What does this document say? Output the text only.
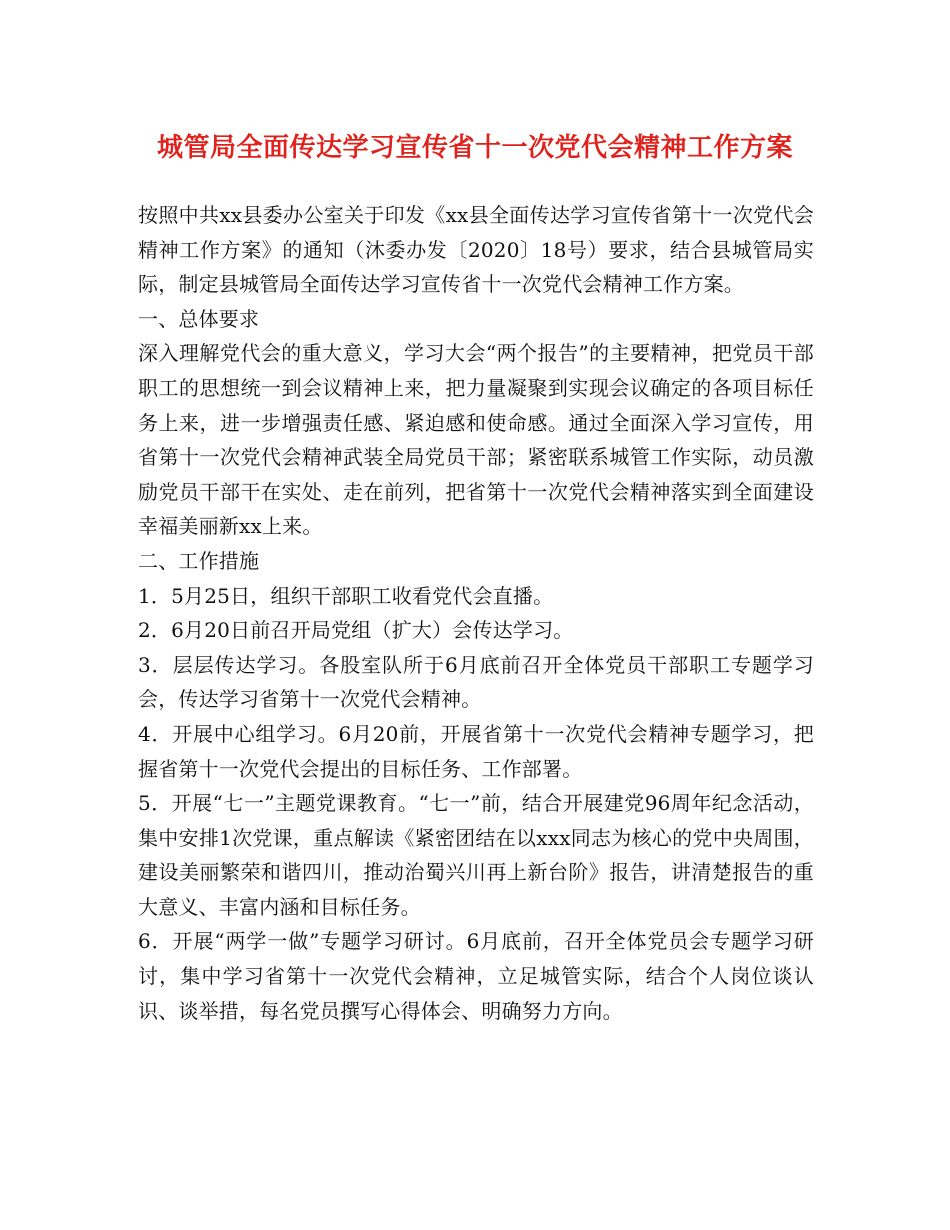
城管局全面传达学习宣传省十一次党代会精神工作方案

按照中共xx县委办公室关于印发《xx县全面传达学习宣传省第十一次党代会精神工作方案》的通知（沐委办发〔2020〕18号）要求，结合县城管局实际，制定县城管局全面传达学习宣传省十一次党代会精神工作方案。

一、总体要求

深入理解党代会的重大意义，学习大会“两个报告”的主要精神，把党员干部职工的思想统一到会议精神上来，把力量凝聚到实现会议确定的各项目标任务上来，进一步增强责任感、紧迫感和使命感。通过全面深入学习宣传，用省第十一次党代会精神武装全局党员干部；紧密联系城管工作实际，动员激励党员干部干在实处、走在前列，把省第十一次党代会精神落实到全面建设幸福美丽新xx上来。

二、工作措施

1．5月25日，组织干部职工收看党代会直播。

2．6月20日前召开局党组（扩大）会传达学习。

3．层层传达学习。各股室队所于6月底前召开全体党员干部职工专题学习会，传达学习省第十一次党代会精神。

4．开展中心组学习。6月20前，开展省第十一次党代会精神专题学习，把握省第十一次党代会提出的目标任务、工作部署。

5．开展“七一”主题党课教育。“七一”前，结合开展建党96周年纪念活动，集中安排1次党课，重点解读《紧密团结在以xxx同志为核心的党中央周围，建设美丽繁荣和谐四川，推动治蜀兴川再上新台阶》报告，讲清楚报告的重大意义、丰富内涵和目标任务。

6．开展“两学一做”专题学习研讨。6月底前，召开全体党员会专题学习研讨，集中学习省第十一次党代会精神，立足城管实际，结合个人岗位谈认识、谈举措，每名党员撰写心得体会、明确努力方向。
